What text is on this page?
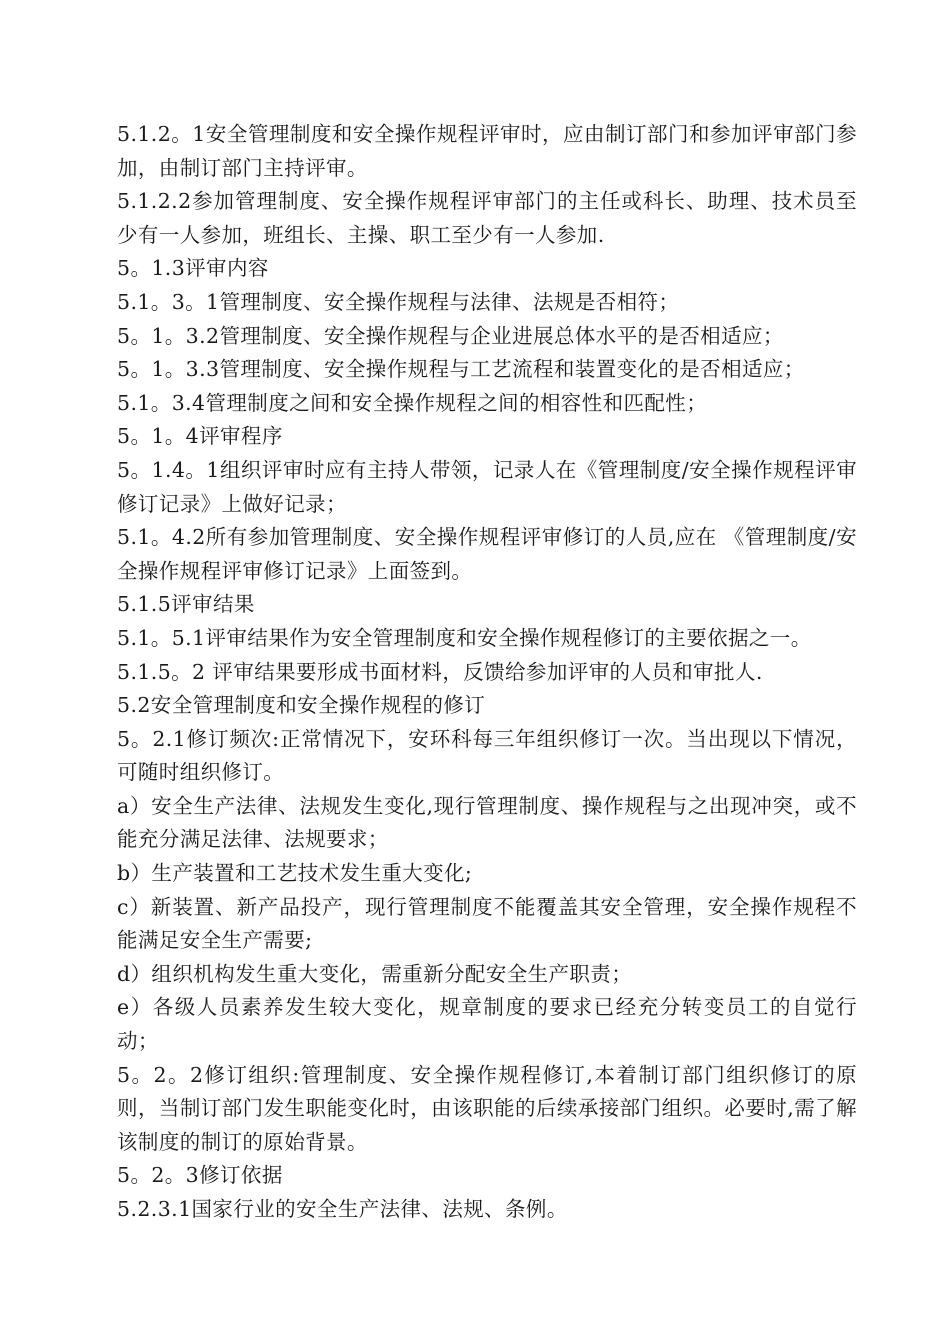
5.1.2。1安全管理制度和安全操作规程评审时，应由制订部门和参加评审部门参加，由制订部门主持评审。

5.1.2.2参加管理制度、安全操作规程评审部门的主任或科长、助理、技术员至少有一人参加，班组长、主操、职工至少有一人参加.

5。1.3评审内容

5.1。3。1管理制度、安全操作规程与法律、法规是否相符；

5。1。3.2管理制度、安全操作规程与企业进展总体水平的是否相适应；

5。1。3.3管理制度、安全操作规程与工艺流程和装置变化的是否相适应；

5.1。3.4管理制度之间和安全操作规程之间的相容性和匹配性；

5。1。4评审程序

5。1.4。1组织评审时应有主持人带领，记录人在《管理制度/安全操作规程评审修订记录》上做好记录；

5.1。4.2所有参加管理制度、安全操作规程评审修订的人员,应在 《管理制度/安全操作规程评审修订记录》上面签到。

5.1.5评审结果

5.1。5.1评审结果作为安全管理制度和安全操作规程修订的主要依据之一。

5.1.5。2 评审结果要形成书面材料，反馈给参加评审的人员和审批人.

5.2安全管理制度和安全操作规程的修订

5。2.1修订频次:正常情况下，安环科每三年组织修订一次。当出现以下情况，可随时组织修订。

a）安全生产法律、法规发生变化,现行管理制度、操作规程与之出现冲突，或不能充分满足法律、法规要求；

b）生产装置和工艺技术发生重大变化;

c）新装置、新产品投产，现行管理制度不能覆盖其安全管理，安全操作规程不能满足安全生产需要;

d）组织机构发生重大变化，需重新分配安全生产职责；

e）各级人员素养发生较大变化，规章制度的要求已经充分转变员工的自觉行动；

5。2。2修订组织:管理制度、安全操作规程修订,本着制订部门组织修订的原则，当制订部门发生职能变化时，由该职能的后续承接部门组织。必要时,需了解该制度的制订的原始背景。

5。2。3修订依据

5.2.3.1国家行业的安全生产法律、法规、条例。
